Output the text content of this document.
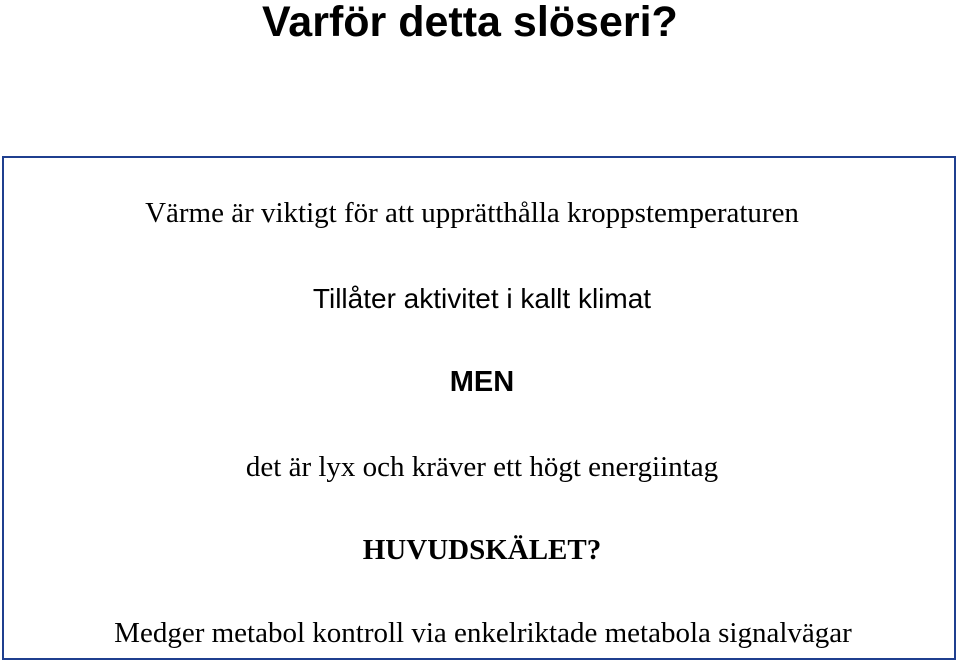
Varför detta slöseri?
Värme är viktigt för att upprätthålla kroppstemperaturen
Tillåter aktivitet i kallt klimat
MEN
det är lyx och kräver ett högt energiintag
HUVUDSKÄLET?
Medger metabol kontroll via enkelriktade metabola signalvägar
